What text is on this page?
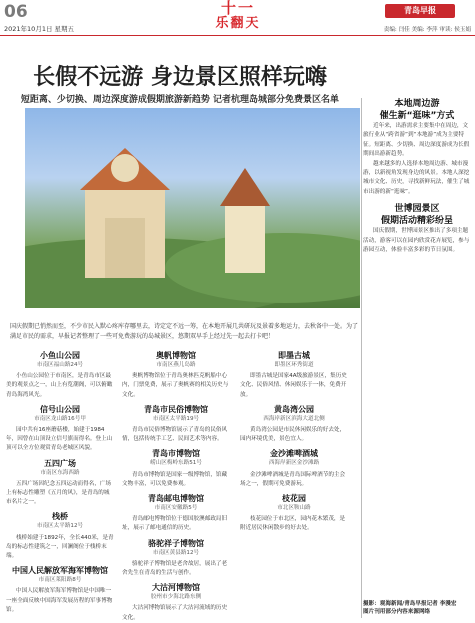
06
2021年10月1日 星期五
十一
乐翻天
青岛早报
责编: 闫佳 美编: 李萍 审读: 侯玉娟
长假不远游 身边景区照样玩嗨
短距离、少切换、周边深度游成假期旅游新趋势 记者杭理岛城部分免费景区名单
国庆假期已悄然而至，不少市民入默心疼库存哪里去，诗定定不远一筹，在本地开展几共研玩及景着多地运力，去秋备中一处。为了满足市民的需求，早报记者整理了一些可免费游玩的岛城景区，悠期双早手上经过先一起去打卡吧！
小鱼山公园
市南区福山路24号

小鱼山公园位于市南区，是青岛市区最美的观景点之一，山上有览潮阁，可以俯瞰青岛海湾风光。

信号山公园
市南区龙山路16号甲

园中共有16座蘑菇楼，始建于1984年，因曾在山顶设立信号旗而得名。登上山顶可以全方位观赏青岛老城区风貌。

五四广场
市南区东海西路

五四广场因纪念五四运动而得名，广场上有标志性雕塑《五月的风》，是青岛的城市名片之一。

栈桥
市南区太平路12号

栈桥始建于1892年，全长440米，是青岛的标志性建筑之一，回澜阁位于栈桥末端。

中国人民解放军海军博物馆
市南区莱阳路8号

中国人民解放军海军博物馆是中国唯一一座全面反映中国海军发展历程的军事博物馆。

奥帆博物馆
市南区燕儿岛路

奥帆博物馆位于青岛奥林匹克帆船中心内，门票免费，展示了奥帆赛的相关历史与文化。

青岛市民俗博物馆
市南区太平路19号

青岛市民俗博物馆展示了青岛的民俗风情，包括传统手工艺、民间艺术等内容。

青岛市博物馆
崂山区梅岭东路51号

青岛市博物馆是国家一级博物馆，馆藏文物丰富，可以免费参观。

青岛邮电博物馆
市南区安徽路5号

青岛邮电博物馆位于德国胶澳邮政局旧址，展示了邮电通信的历史。

骆驼祥子博物馆
市南区黄县路12号

骆驼祥子博物馆是老舍故居，展出了老舍先生在青岛的生活与创作。

大沽河博物馆
胶州市少海北路东侧

大沽河博物馆展示了大沽河流域的历史文化。

即墨古城
即墨区环秀街道

即墨古城是国家4A级旅游景区，集历史文化、民俗风情、休闲娱乐于一体，免费开放。

黄岛湾公园
西海岸新区滨海大道北侧

黄岛湾公园是市民休闲娱乐的好去处，园内环境优美，景色宜人。

金沙滩啤酒城
西海岸新区金沙滩路

金沙滩啤酒城是青岛国际啤酒节的主会场之一，假期可免费游玩。

枝花园
市北区鞍山路

枝花园位于市北区，园内花木繁茂，是附近居民休闲散步的好去处。

本地周边游
催生新“逛味”方式

近年来，出游需求主要集中在周边，文旅行业从“跨省游”到“本地游”成为主要特征。短距离、少切换、周边深度游成为长假期间出游新趋势。

越来越多的人选择本地周边游、城市漫游，以新视角发现身边的风景。本地人深挖城市文化、历史，寻找新鲜玩法，催生了城市出游的新“逛味”。

世博园景区
假期活动精彩纷呈

国庆假期，世博园景区推出了多项主题活动，游客可以在园内欣赏花卉展览，参与游园互动，体验丰富多彩的节日氛围。

摄影：观海新闻/青岛早报记者 李漫宏
图片刊用部分内容来源网络
